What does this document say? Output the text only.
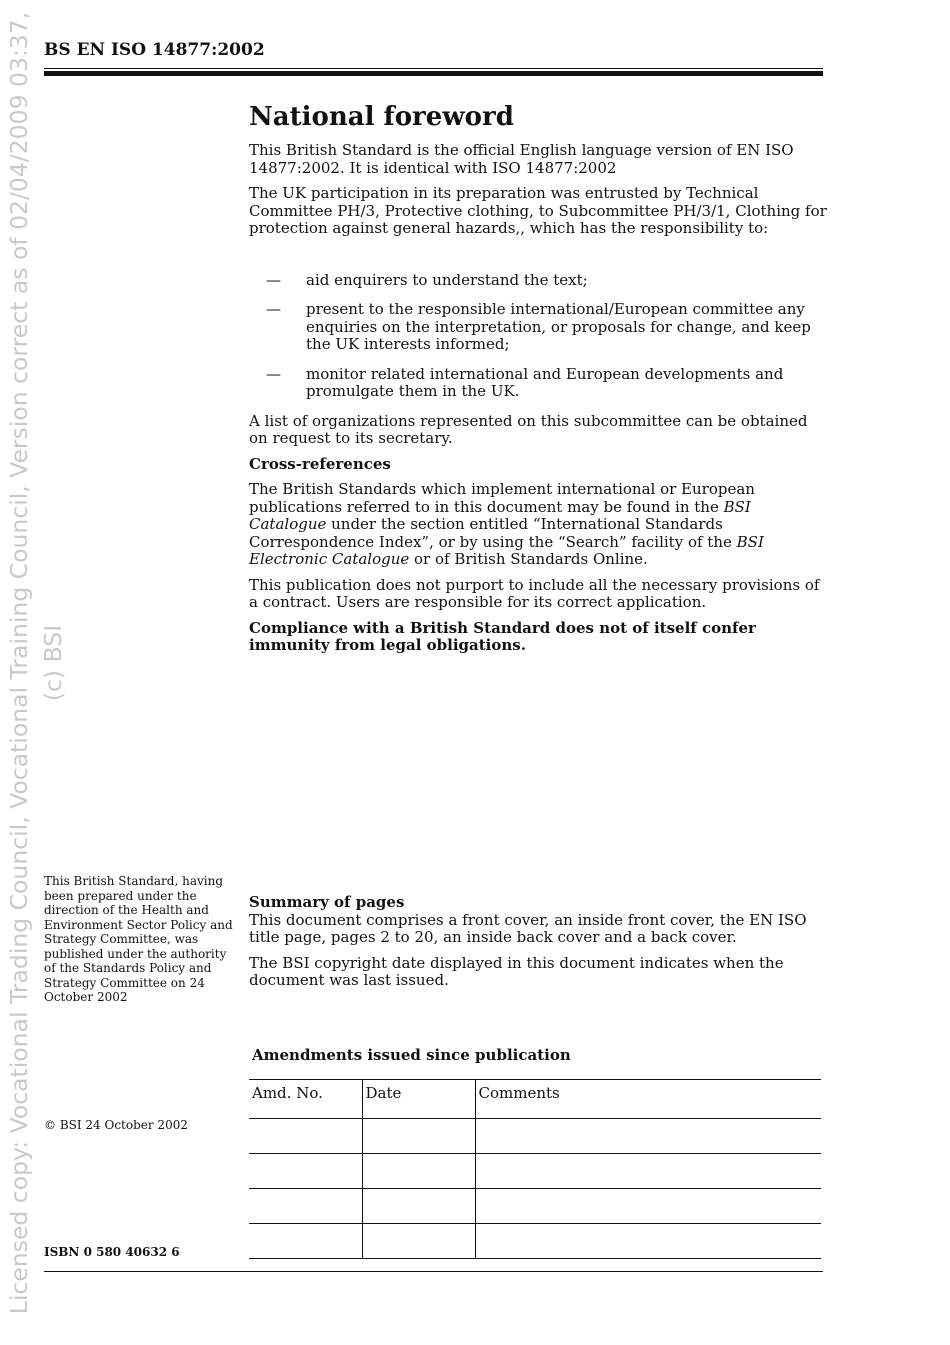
Licensed copy: Vocational Trading Council, Vocational Training Council, Version correct as of 02/04/2009 03:37, (c) BSI
BS EN ISO 14877:2002
National foreword

This British Standard is the official English language version of EN ISO 14877:2002. It is identical with ISO 14877:2002

The UK participation in its preparation was entrusted by Technical Committee PH/3, Protective clothing, to Subcommittee PH/3/1, Clothing for protection against general hazards,, which has the responsibility to:

— aid enquirers to understand the text;
— present to the responsible international/European committee any enquiries on the interpretation, or proposals for change, and keep the UK interests informed;
— monitor related international and European developments and promulgate them in the UK.

A list of organizations represented on this subcommittee can be obtained on request to its secretary.

Cross-references

The British Standards which implement international or European publications referred to in this document may be found in the BSI Catalogue under the section entitled “International Standards Correspondence Index”, or by using the “Search” facility of the BSI Electronic Catalogue or of British Standards Online.

This publication does not purport to include all the necessary provisions of a contract. Users are responsible for its correct application.

Compliance with a British Standard does not of itself confer immunity from legal obligations.

This British Standard, having been prepared under the direction of the Health and Environment Sector Policy and Strategy Committee, was published under the authority of the Standards Policy and Strategy Committee on 24 October 2002

Summary of pages

This document comprises a front cover, an inside front cover, the EN ISO title page, pages 2 to 20, an inside back cover and a back cover.

The BSI copyright date displayed in this document indicates when the document was last issued.

Amendments issued since publication
Amd. No.	Date	Comments

© BSI 24 October 2002
ISBN 0 580 40632 6
